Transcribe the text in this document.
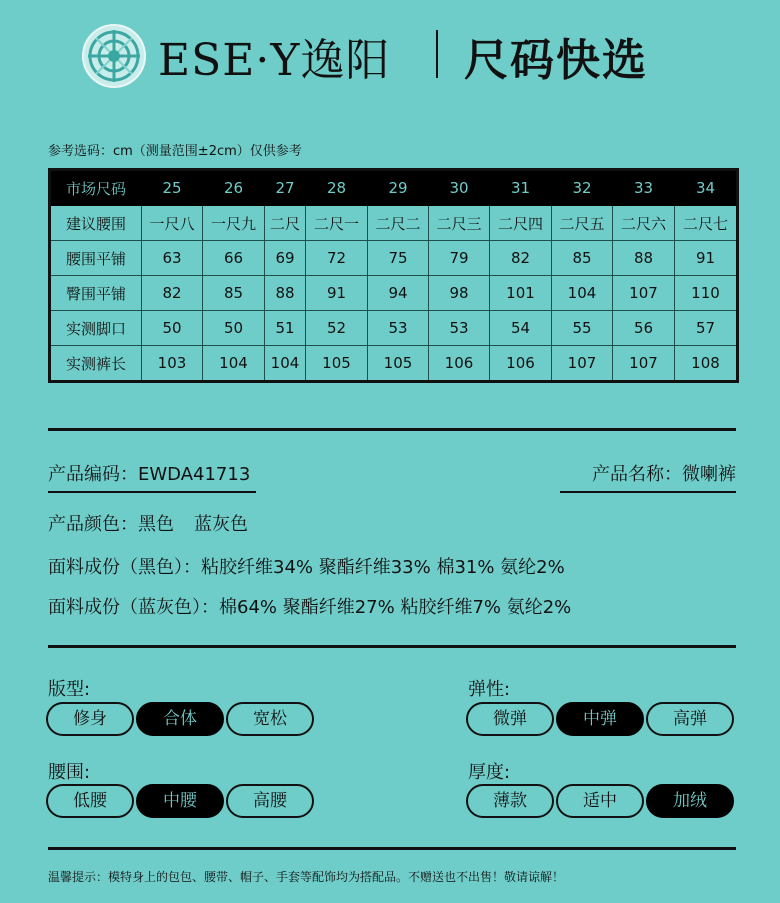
ESE·Y逸阳 尺码快选
参考选码：cm（测量范围±2cm）仅供参考
市场尺码	25	26	27	28	29	30	31	32	33	34
建议腰围	一尺八	一尺九	二尺	二尺一	二尺二	二尺三	二尺四	二尺五	二尺六	二尺七
腰围平铺	63	66	69	72	75	79	82	85	88	91
臀围平铺	82	85	88	91	94	98	101	104	107	110
实测脚口	50	50	51	52	53	53	54	55	56	57
实测裤长	103	104	104	105	105	106	106	107	107	108
产品编码：EWDA41713	产品名称：微喇裤
产品颜色：黑色 蓝灰色
面料成份（黑色）：粘胶纤维34% 聚酯纤维33% 棉31% 氨纶2%
面料成份（蓝灰色）：棉64% 聚酯纤维27% 粘胶纤维7% 氨纶2%
版型:
修身	合体	宽松
弹性:
微弹	中弹	高弹
腰围:
低腰	中腰	高腰
厚度:
薄款	适中	加绒
温馨提示：模特身上的包包、腰带、帽子、手套等配饰均为搭配品。不赠送也不出售！敬请谅解！
